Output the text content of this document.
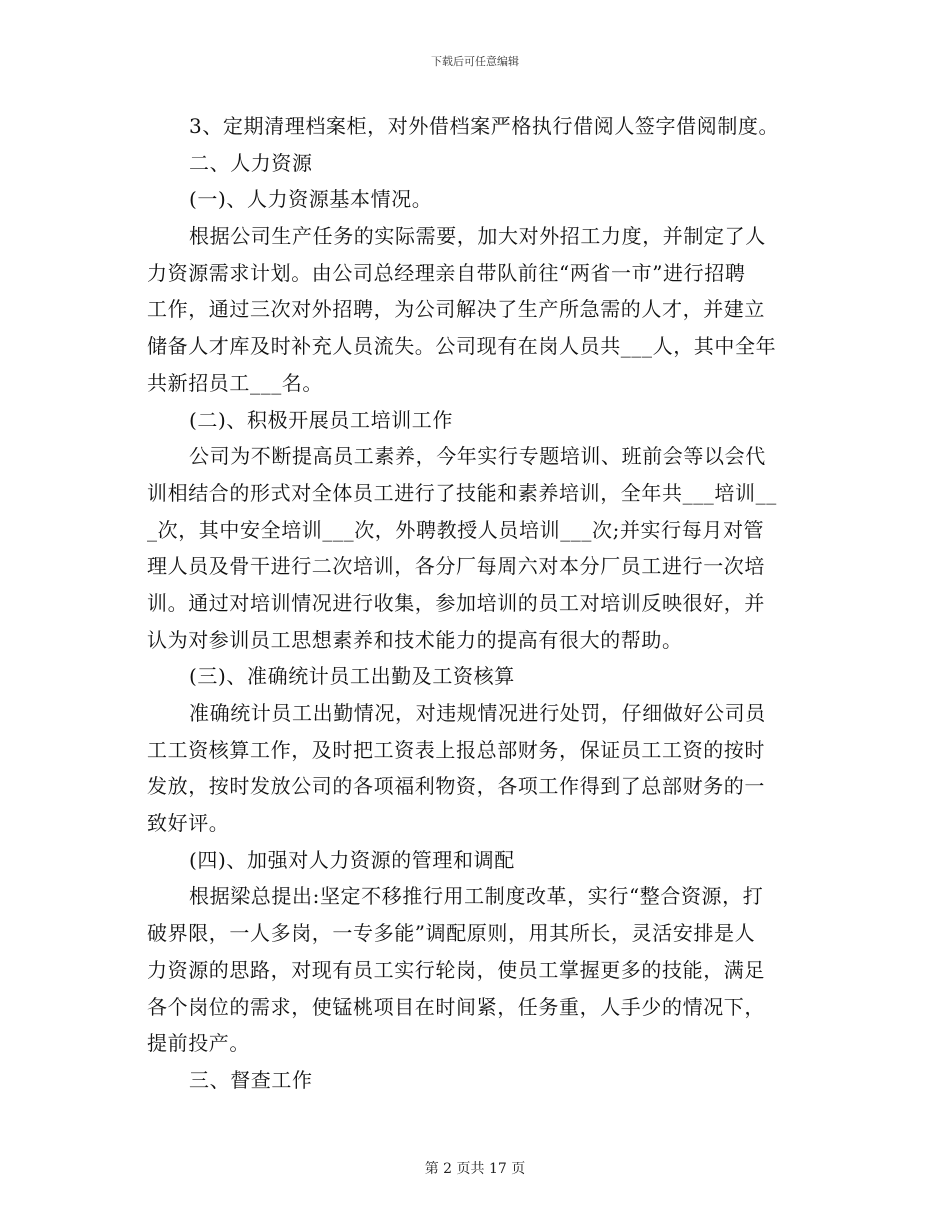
下载后可任意编辑
3、定期清理档案柜，对外借档案严格执行借阅人签字借阅制度。
二、人力资源
(一)、人力资源基本情况。
根据公司生产任务的实际需要，加大对外招工力度，并制定了人
力资源需求计划。由公司总经理亲自带队前往“两省一市”进行招聘
工作，通过三次对外招聘，为公司解决了生产所急需的人才，并建立
储备人才库及时补充人员流失。公司现有在岗人员共___人，其中全年
共新招员工___名。
(二)、积极开展员工培训工作
公司为不断提高员工素养，今年实行专题培训、班前会等以会代
训相结合的形式对全体员工进行了技能和素养培训，全年共___培训__
_次，其中安全培训___次，外聘教授人员培训___次;并实行每月对管
理人员及骨干进行二次培训，各分厂每周六对本分厂员工进行一次培
训。通过对培训情况进行收集，参加培训的员工对培训反映很好，并
认为对参训员工思想素养和技术能力的提高有很大的帮助。
(三)、准确统计员工出勤及工资核算
准确统计员工出勤情况，对违规情况进行处罚，仔细做好公司员
工工资核算工作，及时把工资表上报总部财务，保证员工工资的按时
发放，按时发放公司的各项福利物资，各项工作得到了总部财务的一
致好评。
(四)、加强对人力资源的管理和调配
根据梁总提出:坚定不移推行用工制度改革，实行“整合资源，打
破界限，一人多岗，一专多能”调配原则，用其所长，灵活安排是人
力资源的思路，对现有员工实行轮岗，使员工掌握更多的技能，满足
各个岗位的需求，使锰桃项目在时间紧，任务重，人手少的情况下，
提前投产。
三、督查工作
第 2 页共 17 页
